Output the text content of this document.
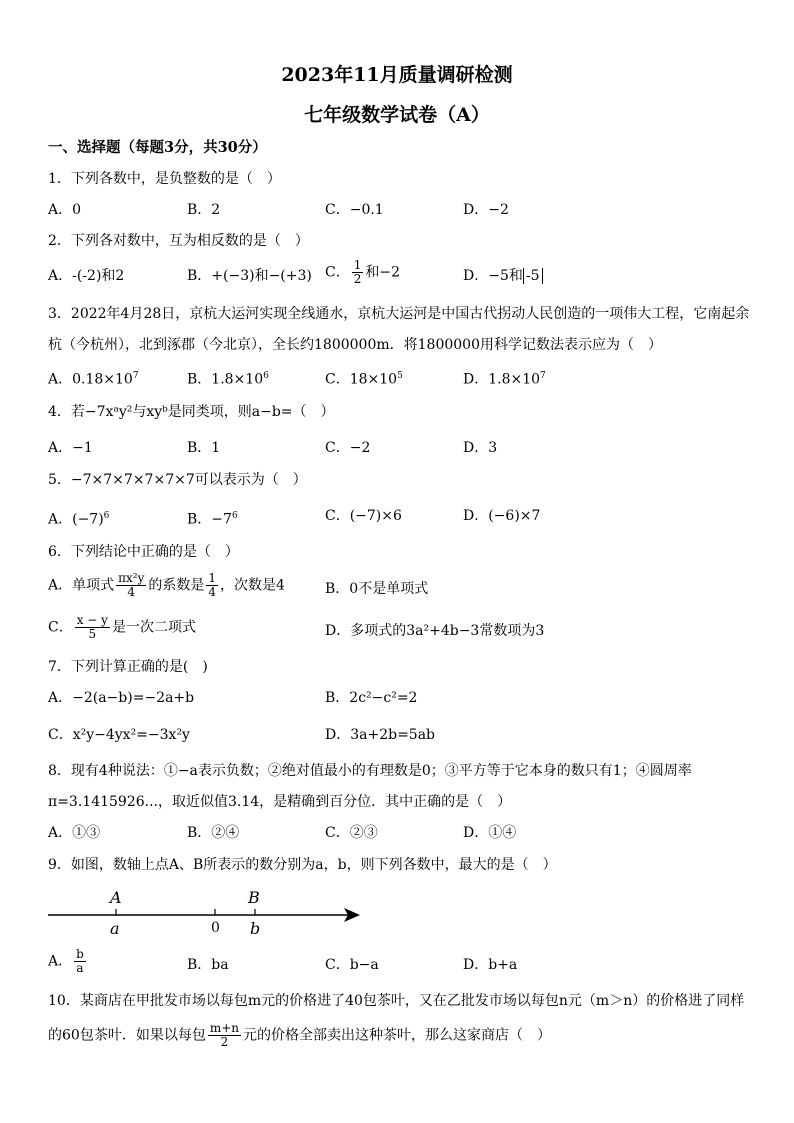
2023年11月质量调研检测
七年级数学试卷（A）
一、选择题（每题3分，共30分）
1．下列各数中，是负整数的是（　）
A．0	B．2	C．−0.1	D．−2
2．下列各对数中，互为相反数的是（　）
A．-(-2)和2	B．+(−3)和−(+3) C． $\frac{1}{2}$ 和−2	D．−5和 -5
3．2022年4月28日，京杭大运河实现全线通水，京杭大运河是中国古代拐动人民创造的一项伟大工程，它南起余
杭（今杭州），北到涿郡（今北京），全长约1800000m．将1800000用科学记数法表示应为（　）
A．$0.18\times 10^7$	B．$1.8\times 10^6$	C．$18\times 10^5$	D．$1.8\times 10^7$
4．若−7xᵃy²与xyᵇ是同类项，则a−b=（　）
A．−1	B．1	C．−2	D．3
5．−7×7×7×7×7×7可以表示为（　）
A．$(-7)^6$	B．$-7^6$	C．(−7)×6	D．(−6)×7
6．下列结论中正确的是（　）
A．单项式 $\frac{\text{πx²y}}{4}$ 的系数是 $\frac{1}{4}$ ，次数是4	B．0不是单项式
C． $\frac{x - y}{5}$ 是一次二项式	D．多项式的3a²+4b−3常数项为3
7．下列计算正确的是(　)
A．−2(a−b)=−2a+b	B．2c²−c²=2
C．x²y−4yx²=−3x²y	D．3a+2b=5ab
8．现有4种说法：①−a表示负数；②绝对值最小的有理数是0；③平方等于它本身的数只有1；④圆周率
π=3.1415926...，取近似值3.14，是精确到百分位．其中正确的是（　）
A．①③	B．②④	C．②③	D．①④
9．如图，数轴上点A、B所表示的数分别为a，b，则下列各数中，最大的是（　）
A
a	0
B
b
A． $\frac{b}{a}$	B．ba	C．b−a	D．b+a
10．某商店在甲批发市场以每包m元的价格进了40包茶叶，又在乙批发市场以每包n元（m＞n）的价格进了同样
的60包茶叶．如果以每包 $\frac{m+n}{2}$ 元的价格全部卖出这种茶叶，那么这家商店（　）
